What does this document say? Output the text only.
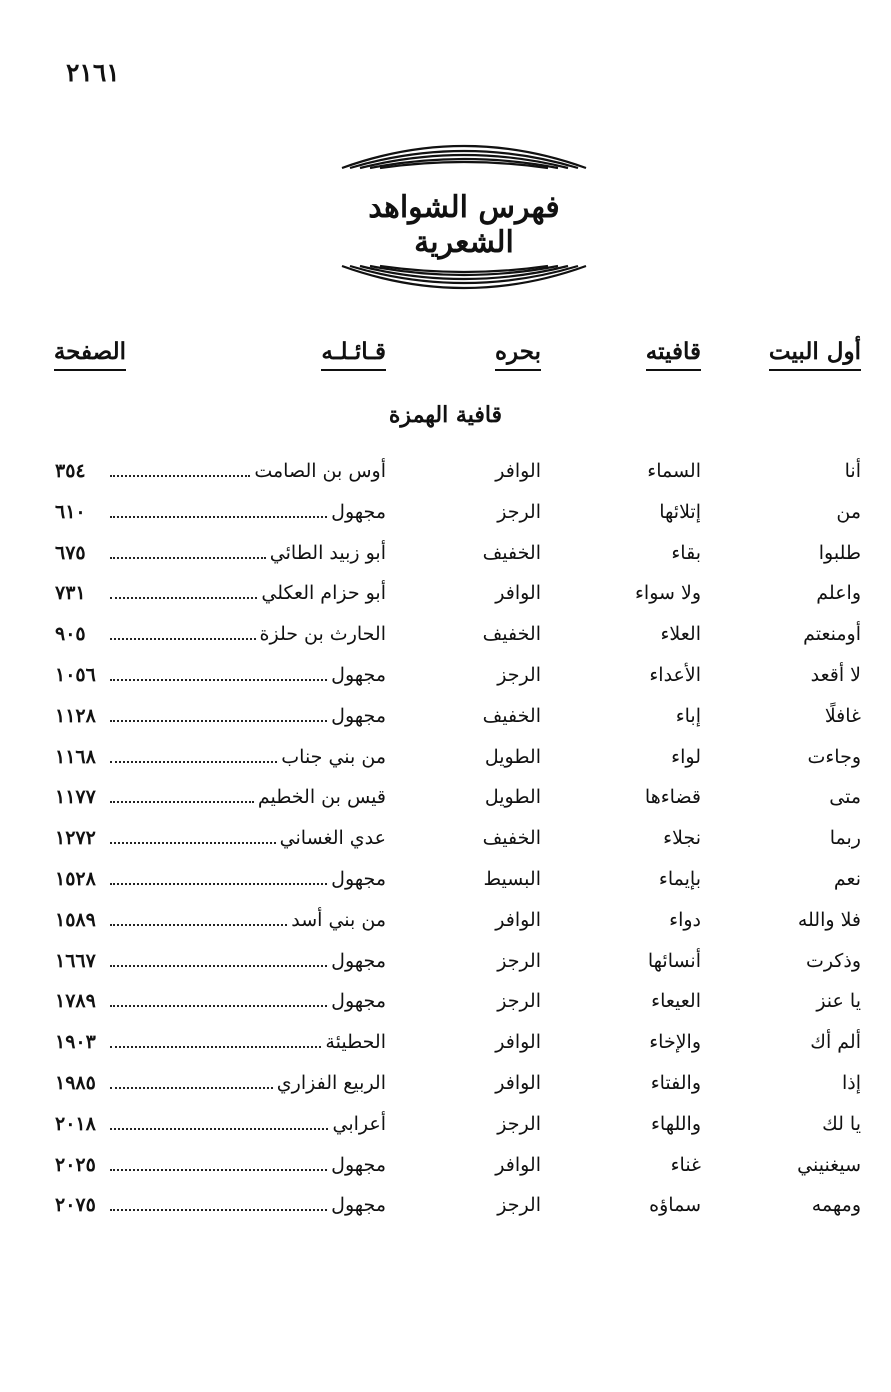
٢١٦١
فهرس الشواهد الشعرية
أول البيت
قافيته
بحره
قـائـلـه
الصفحة
قافية الهمزة
أنا
السماء
الوافر
أوس بن الصامت
٣٥٤
من
إتلائها
الرجز
مجهول
٦١٠
طلبوا
بقاء
الخفيف
أبو زبيد الطائي
٦٧٥
واعلم
ولا سواء
الوافر
أبو حزام العكلي
٧٣١
أومنعتم
العلاء
الخفيف
الحارث بن حلزة
٩٠٥
لا أقعد
الأعداء
الرجز
مجهول
١٠٥٦
غافلًا
إباء
الخفيف
مجهول
١١٢٨
وجاءت
لواء
الطويل
من بني جناب
١١٦٨
متى
قضاءها
الطويل
قيس بن الخطيم
١١٧٧
ربما
نجلاء
الخفيف
عدي الغساني
١٢٧٢
نعم
بإيماء
البسيط
مجهول
١٥٢٨
فلا والله
دواء
الوافر
من بني أسد
١٥٨٩
وذكرت
أنسائها
الرجز
مجهول
١٦٦٧
يا عنز
العيعاء
الرجز
مجهول
١٧٨٩
ألم أك
والإخاء
الوافر
الحطيئة
١٩٠٣
إذا
والفتاء
الوافر
الربيع الفزاري
١٩٨٥
يا لك
واللهاء
الرجز
أعرابي
٢٠١٨
سيغنيني
غناء
الوافر
مجهول
٢٠٢٥
ومهمه
سماؤه
الرجز
مجهول
٢٠٧٥
